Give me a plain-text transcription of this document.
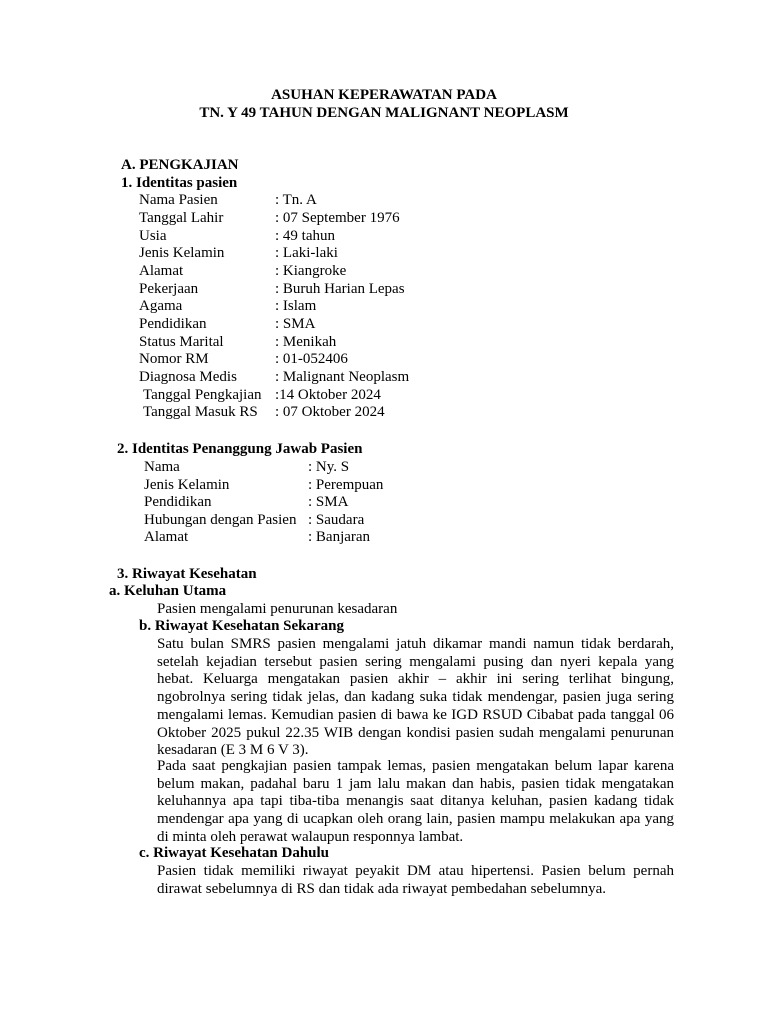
ASUHAN KEPERAWATAN PADA
TN. Y 49 TAHUN DENGAN MALIGNANT NEOPLASM
A. PENGKAJIAN
1. Identitas pasien
Nama Pasien	: Tn. A
Tanggal Lahir	: 07 September 1976
Usia	: 49 tahun
Jenis Kelamin	: Laki-laki
Alamat	: Kiangroke
Pekerjaan	: Buruh Harian Lepas
Agama	: Islam
Pendidikan	: SMA
Status Marital	: Menikah
Nomor RM	: 01-052406
Diagnosa Medis	: Malignant Neoplasm
Tanggal Pengkajian :14 Oktober 2024
Tanggal Masuk RS : 07 Oktober 2024
2. Identitas Penanggung Jawab Pasien
Nama	: Ny. S
Jenis Kelamin	: Perempuan
Pendidikan	: SMA
Hubungan dengan Pasien : Saudara
Alamat	: Banjaran
3. Riwayat Kesehatan
a. Keluhan Utama
Pasien mengalami penurunan kesadaran
b. Riwayat Kesehatan Sekarang
Satu bulan SMRS pasien mengalami jatuh dikamar mandi namun tidak berdarah, setelah kejadian tersebut pasien sering mengalami pusing dan nyeri kepala yang hebat. Keluarga mengatakan pasien akhir – akhir ini sering terlihat bingung, ngobrolnya sering tidak jelas, dan kadang suka tidak mendengar, pasien juga sering mengalami lemas. Kemudian pasien di bawa ke IGD RSUD Cibabat pada tanggal 06 Oktober 2025 pukul 22.35 WIB dengan kondisi pasien sudah mengalami penurunan kesadaran (E 3 M 6 V 3).
Pada saat pengkajian pasien tampak lemas, pasien mengatakan belum lapar karena belum makan, padahal baru 1 jam lalu makan dan habis, pasien tidak mengatakan keluhannya apa tapi tiba-tiba menangis saat ditanya keluhan, pasien kadang tidak mendengar apa yang di ucapkan oleh orang lain, pasien mampu melakukan apa yang di minta oleh perawat walaupun responnya lambat.
c. Riwayat Kesehatan Dahulu
Pasien tidak memiliki riwayat peyakit DM atau hipertensi. Pasien belum pernah dirawat sebelumnya di RS dan tidak ada riwayat pembedahan sebelumnya.
